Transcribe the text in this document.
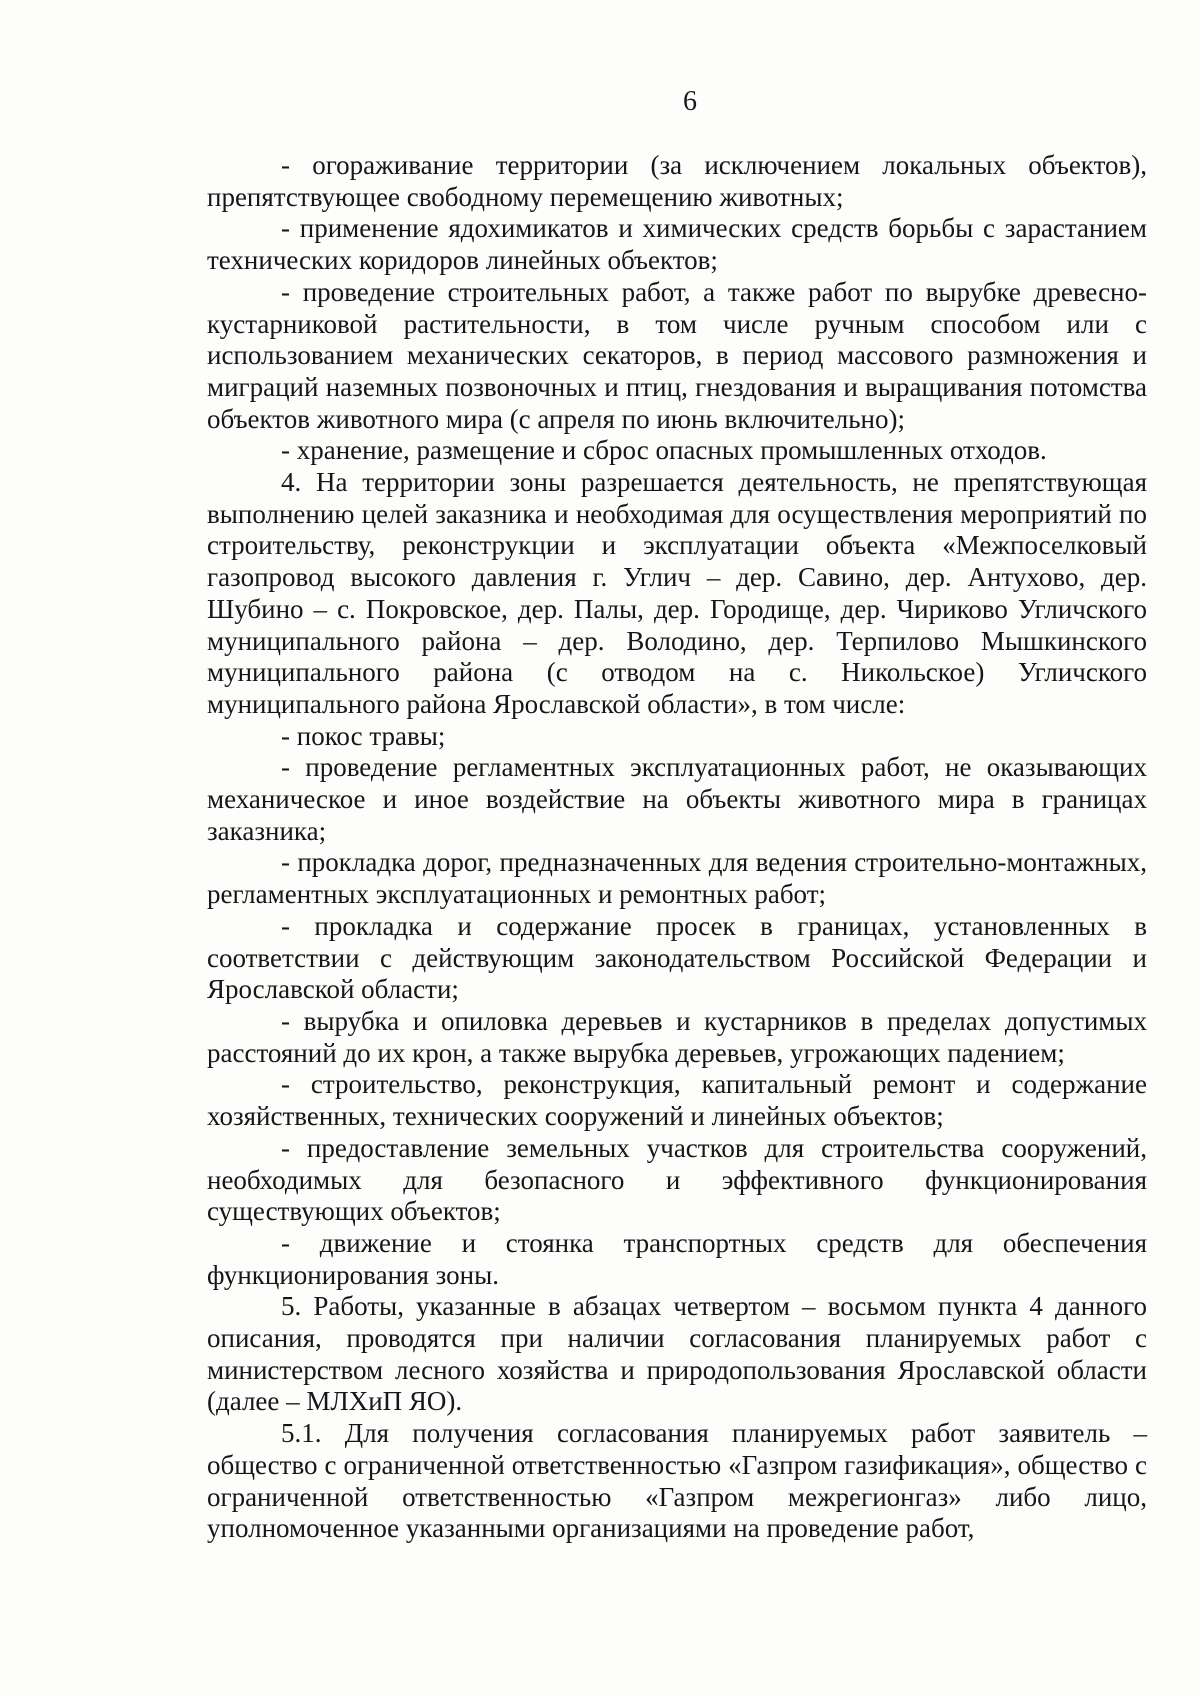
6

- огораживание территории (за исключением локальных объектов), препятствующее свободному перемещению животных;

- применение ядохимикатов и химических средств борьбы с зарастанием технических коридоров линейных объектов;

- проведение строительных работ, а также работ по вырубке древесно-кустарниковой растительности, в том числе ручным способом или с использованием механических секаторов, в период массового размножения и миграций наземных позвоночных и птиц, гнездования и выращивания потомства объектов животного мира (с апреля по июнь включительно);

- хранение, размещение и сброс опасных промышленных отходов.

4. На территории зоны разрешается деятельность, не препятствующая выполнению целей заказника и необходимая для осуществления мероприятий по строительству, реконструкции и эксплуатации объекта «Межпоселковый газопровод высокого давления г. Углич – дер. Савино, дер. Антухово, дер. Шубино – с. Покровское, дер. Палы, дер. Городище, дер. Чириково Угличского муниципального района – дер. Володино, дер. Терпилово Мышкинского муниципального района (с отводом на с. Никольское) Угличского муниципального района Ярославской области», в том числе:

- покос травы;

- проведение регламентных эксплуатационных работ, не оказывающих механическое и иное воздействие на объекты животного мира в границах заказника;

- прокладка дорог, предназначенных для ведения строительно-монтажных, регламентных эксплуатационных и ремонтных работ;

- прокладка и содержание просек в границах, установленных в соответствии с действующим законодательством Российской Федерации и Ярославской области;

- вырубка и опиловка деревьев и кустарников в пределах допустимых расстояний до их крон, а также вырубка деревьев, угрожающих падением;

- строительство, реконструкция, капитальный ремонт и содержание хозяйственных, технических сооружений и линейных объектов;

- предоставление земельных участков для строительства сооружений, необходимых для безопасного и эффективного функционирования существующих объектов;

- движение и стоянка транспортных средств для обеспечения функционирования зоны.

5. Работы, указанные в абзацах четвертом – восьмом пункта 4 данного описания, проводятся при наличии согласования планируемых работ с министерством лесного хозяйства и природопользования Ярославской области (далее – МЛХиП ЯО).

5.1. Для получения согласования планируемых работ заявитель – общество с ограниченной ответственностью «Газпром газификация», общество с ограниченной ответственностью «Газпром межрегионгаз» либо лицо, уполномоченное указанными организациями на проведение работ,
